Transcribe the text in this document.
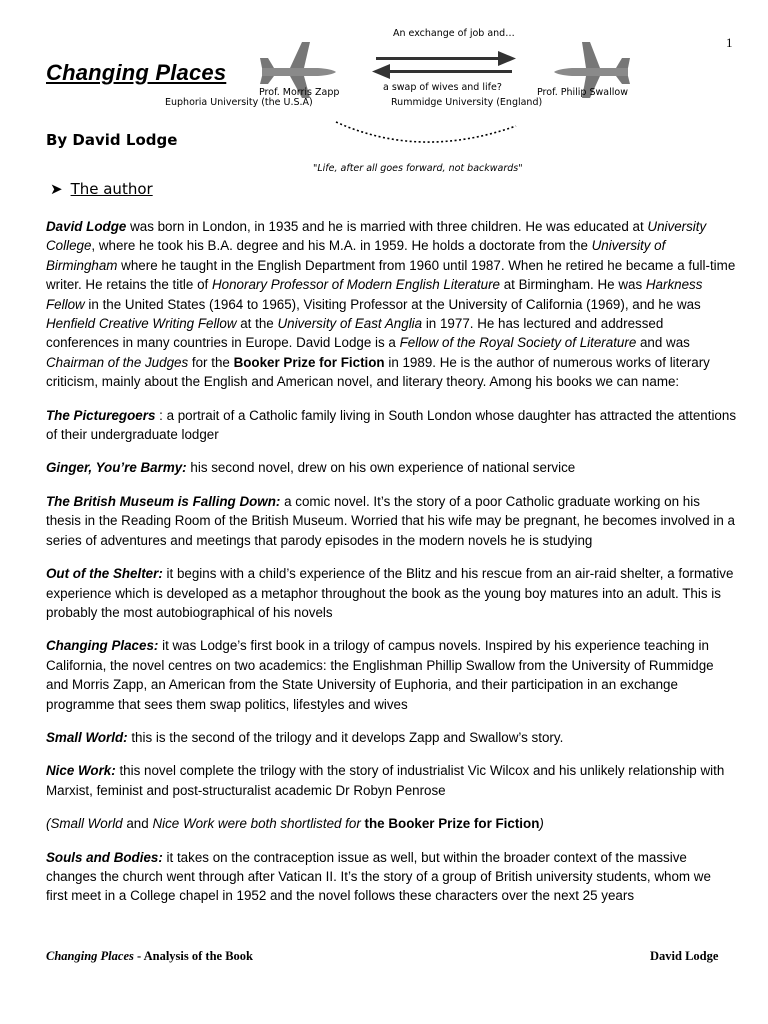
1
Changing Places
An exchange of job and…
Prof. Morris Zapp
Euphoria University (the U.S.A)
a swap of wives and life?
Rummidge University (England)
Prof. Philip Swallow
By David Lodge
"Life, after all goes forward, not backwards"
➤ The author

David Lodge was born in London, in 1935 and he is married with three children. He was educated at University College, where he took his B.A. degree and his M.A. in 1959. He holds a doctorate from the University of Birmingham where he taught in the English Department from 1960 until 1987. When he retired he became a full-time writer. He retains the title of Honorary Professor of Modern English Literature at Birmingham. He was Harkness Fellow in the United States (1964 to 1965), Visiting Professor at the University of California (1969), and he was Henfield Creative Writing Fellow at the University of East Anglia in 1977. He has lectured and addressed conferences in many countries in Europe. David Lodge is a Fellow of the Royal Society of Literature and was Chairman of the Judges for the Booker Prize for Fiction in 1989. He is the author of numerous works of literary criticism, mainly about the English and American novel, and literary theory. Among his books we can name:

The Picturegoers : a portrait of a Catholic family living in South London whose daughter has attracted the attentions of their undergraduate lodger

Ginger, You’re Barmy: his second novel, drew on his own experience of national service

The British Museum is Falling Down: a comic novel. It’s the story of a poor Catholic graduate working on his thesis in the Reading Room of the British Museum. Worried that his wife may be pregnant, he becomes involved in a series of adventures and meetings that parody episodes in the modern novels he is studying

Out of the Shelter: it begins with a child’s experience of the Blitz and his rescue from an air-raid shelter, a formative experience which is developed as a metaphor throughout the book as the young boy matures into an adult. This is probably the most autobiographical of his novels

Changing Places: it was Lodge’s first book in a trilogy of campus novels. Inspired by his experience teaching in California, the novel centres on two academics: the Englishman Phillip Swallow from the University of Rummidge and Morris Zapp, an American from the State University of Euphoria, and their participation in an exchange programme that sees them swap politics, lifestyles and wives

Small World: this is the second of the trilogy and it develops Zapp and Swallow’s story.

Nice Work: this novel complete the trilogy with the story of industrialist Vic Wilcox and his unlikely relationship with Marxist, feminist and post-structuralist academic Dr Robyn Penrose

(Small World and Nice Work were both shortlisted for the Booker Prize for Fiction)

Souls and Bodies: it takes on the contraception issue as well, but within the broader context of the massive changes the church went through after Vatican II. It’s the story of a group of British university students, whom we first meet in a College chapel in 1952 and the novel follows these characters over the next 25 years

Changing Places - Analysis of the Book	David Lodge
